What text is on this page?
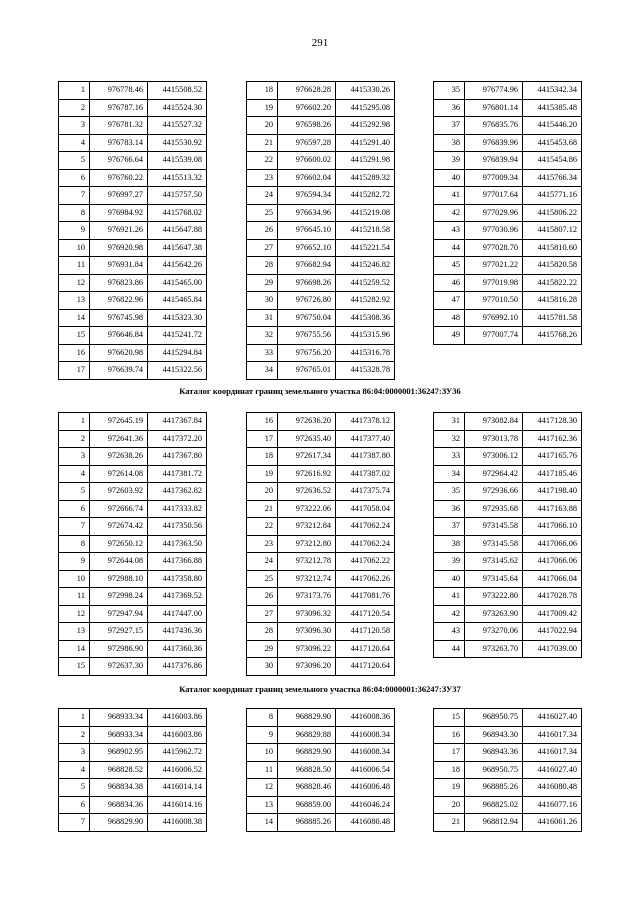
291
1	976778.46	4415508.52
2	976787.16	4415524.30
3	976781.32	4415527.32
4	976783.14	4415530.92
5	976766.64	4415539.08
6	976760.22	4415513.32
7	976997.27	4415757.50
8	976984.92	4415768.02
9	976921.26	4415647.88
10	976920.98	4415647.38
11	976931.84	4415642.26
12	976823.86	4415465.00
13	976822.96	4415465.84
14	976745.98	4415323.30
15	976646.84	4415241.72
16	976620.98	4415294.84
17	976639.74	4415322.56
18	976628.28	4415330.26
19	976602.20	4415295.08
20	976598.26	4415292.98
21	976597.28	4415291.40
22	976600.02	4415291.98
23	976602.04	4415289.32
24	976594.34	4415282.72
25	976634.96	4415219.08
26	976645.10	4415218.58
27	976652.10	4415221.54
28	976682.94	4415246.82
29	976698.26	4415259.52
30	976726.80	4415282.92
31	976750.04	4415308.36
32	976755.56	4415315.96
33	976756.20	4415316.78
34	976765.01	4415328.78
35	976774.96	4415342.34
36	976801.14	4415385.48
37	976835.76	4415446.20
38	976839.96	4415453.68
39	976839.94	4415454.86
40	977009.34	4415766.34
41	977017.64	4415771.16
42	977029.96	4415806.22
43	977030.96	4415807.12
44	977028.70	4415810.60
45	977021.22	4415820.58
46	977019.98	4415822.22
47	977010.50	4415816.28
48	976992.10	4415781.58
49	977007.74	4415768.26
Каталог координат границ земельного участка 86:04:0000001:36247:ЗУ36
1	972645.19	4417367.84
2	972641.36	4417372.20
3	972638.26	4417367.80
4	972614.08	4417381.72
5	972603.92	4417362.82
6	972666.74	4417333.82
7	972674.42	4417350.56
8	972650.12	4417363.50
9	972644.08	4417366.88
10	972988.10	4417358.80
11	972998.24	4417369.52
12	972947.94	4417447.00
13	972927.15	4417436.36
14	972986.90	4417360.36
15	972637.30	4417376.86
16	972636.20	4417378.12
17	972635.40	4417377.40
18	972617.34	4417387.80
19	972616.92	4417387.02
20	972636.52	4417375.74
21	973222.06	4417058.04
22	973212.84	4417062.24
23	973212.80	4417062.24
24	973212.78	4417062.22
25	973212.74	4417062.26
26	973173.76	4417081.76
27	973096.32	4417120.54
28	973096.30	4417120.58
29	973096.22	4417120.64
30	973096.20	4417120.64
31	973082.84	4417128.30
32	973013.78	4417162.36
33	973006.12	4417165.76
34	972964.42	4417185.46
35	972936.66	4417198.40
36	972935.68	4417163.88
37	973145.58	4417066.10
38	973145.58	4417066.06
39	973145.62	4417066.06
40	973145.64	4417066.04
41	973222.80	4417028.78
42	973263.90	4417009.42
43	973270.06	4417022.94
44	973263.70	4417039.00
Каталог координат границ земельного участка 86:04:0000001:36247:ЗУ37
1	968933.34	4416003.86
2	968933.34	4416003.86
3	968902.95	4415962.72
4	968828.52	4416006.52
5	968834.38	4416014.14
6	968834.36	4416014.16
7	968829.90	4416008.38
8	968829.90	4416008.36
9	968829.88	4416008.34
10	968829.90	4416008.34
11	968828.50	4416006.54
12	968828.46	4416006.48
13	968859.00	4416046.24
14	968885.26	4416080.48
15	968950.75	4416027.40
16	968943.30	4416017.34
17	968943.36	4416017.34
18	968950.75	4416027.40
19	968885.26	4416080.48
20	968825.02	4416077.16
21	968812.94	4416061.26
